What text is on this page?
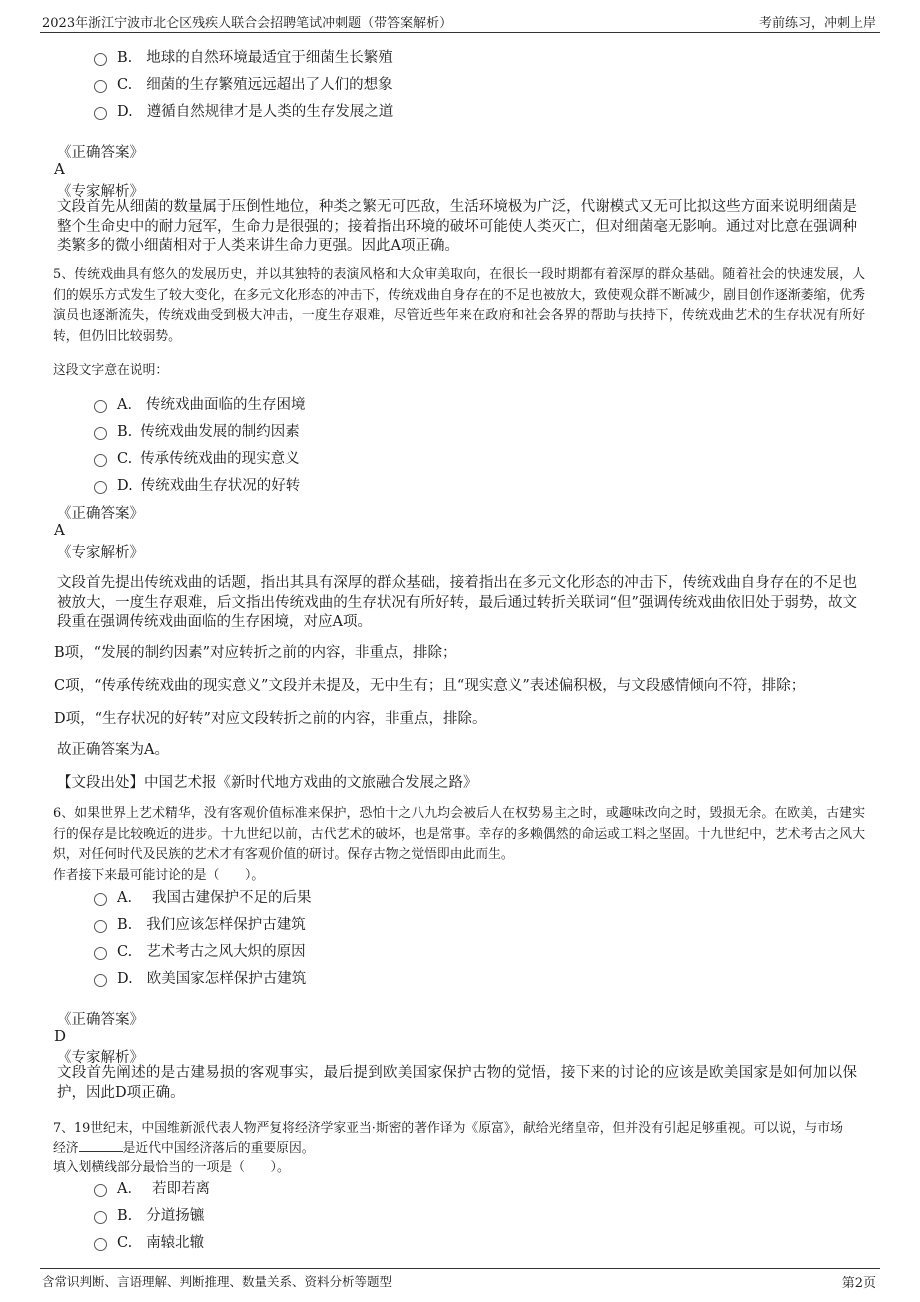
2023年浙江宁波市北仑区残疾人联合会招聘笔试冲刺题（带答案解析）	考前练习，冲刺上岸
B. 地球的自然环境最适宜于细菌生长繁殖
C. 细菌的生存繁殖远远超出了人们的想象
D. 遵循自然规律才是人类的生存发展之道
《正确答案》
A
《专家解析》
文段首先从细菌的数量属于压倒性地位，种类之繁无可匹敌，生活环境极为广泛，代谢模式又无可比拟这些方面来说明细菌是整个生命史中的耐力冠军，生命力是很强的；接着指出环境的破坏可能使人类灭亡，但对细菌毫无影响。通过对比意在强调种类繁多的微小细菌相对于人类来讲生命力更强。因此A项正确。
5、传统戏曲具有悠久的发展历史，并以其独特的表演风格和大众审美取向，在很长一段时期都有着深厚的群众基础。随着社会的快速发展，人们的娱乐方式发生了较大变化，在多元文化形态的冲击下，传统戏曲自身存在的不足也被放大，致使观众群不断减少，剧目创作逐渐萎缩，优秀演员也逐渐流失，传统戏曲受到极大冲击，一度生存艰难，尽管近些年来在政府和社会各界的帮助与扶持下，传统戏曲艺术的生存状况有所好转，但仍旧比较弱势。
这段文字意在说明：
A． 传统戏曲面临的生存困境
B. 传统戏曲发展的制约因素
C. 传承传统戏曲的现实意义
D. 传统戏曲生存状况的好转
《正确答案》
A
《专家解析》
文段首先提出传统戏曲的话题，指出其具有深厚的群众基础，接着指出在多元文化形态的冲击下，传统戏曲自身存在的不足也被放大，一度生存艰难，后文指出传统戏曲的生存状况有所好转，最后通过转折关联词“但”强调传统戏曲依旧处于弱势，故文段重在强调传统戏曲面临的生存困境，对应A项。
B项，“发展的制约因素”对应转折之前的内容，非重点，排除；
C项，“传承传统戏曲的现实意义”文段并未提及，无中生有；且“现实意义”表述偏积极，与文段感情倾向不符，排除；
D项，“生存状况的好转”对应文段转折之前的内容，非重点，排除。
故正确答案为A。
【文段出处】中国艺术报《新时代地方戏曲的文旅融合发展之路》
6、如果世界上艺术精华，没有客观价值标准来保护，恐怕十之八九均会被后人在权势易主之时，或趣味改向之时，毁损无余。在欧美，古建实行的保存是比较晚近的进步。十九世纪以前，古代艺术的破坏，也是常事。幸存的多赖偶然的命运或工料之坚固。十九世纪中，艺术考古之风大炽，对任何时代及民族的艺术才有客观价值的研讨。保存古物之觉悟即由此而生。
作者接下来最可能讨论的是（　　）。
A． 我国古建保护不足的后果
B. 我们应该怎样保护古建筑
C. 艺术考古之风大炽的原因
D. 欧美国家怎样保护古建筑
《正确答案》
D
《专家解析》
文段首先阐述的是古建易损的客观事实，最后提到欧美国家保护古物的觉悟，接下来的讨论的应该是欧美国家是如何加以保护，因此D项正确。
7、19世纪末，中国维新派代表人物严复将经济学家亚当·斯密的著作译为《原富》，献给光绪皇帝，但并没有引起足够重视。可以说，与市场
经济	是近代中国经济落后的重要原因。
填入划横线部分最恰当的一项是（　　）。
A． 若即若离
B. 分道扬镳
C. 南辕北辙
含常识判断、言语理解、判断推理、数量关系、资料分析等题型	第2页
